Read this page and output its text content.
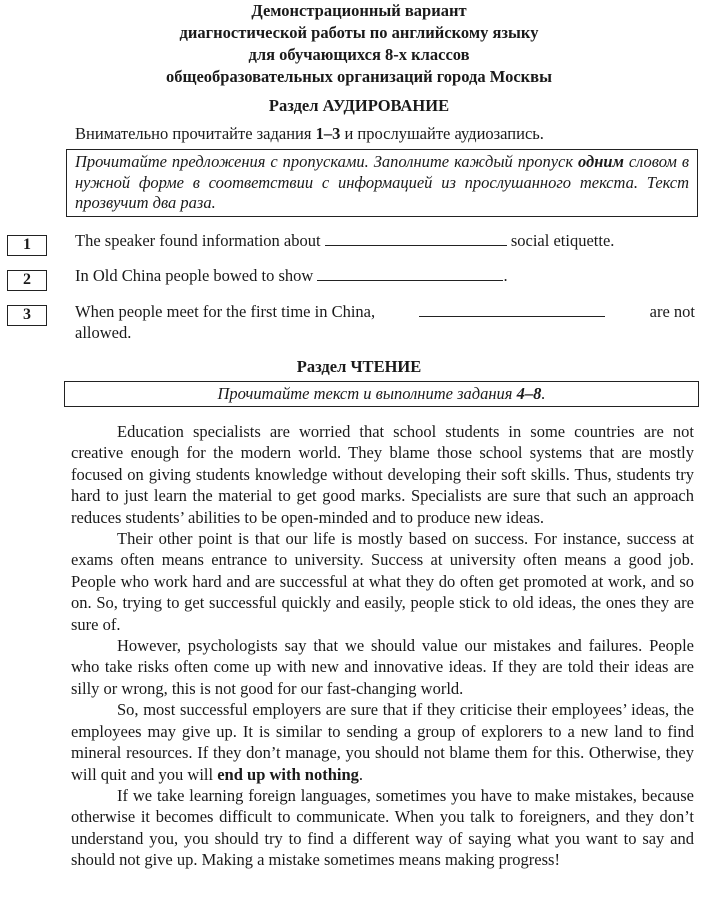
Демонстрационный вариант
диагностической работы по английскому языку
для обучающихся 8-х классов
общеобразовательных организаций города Москвы
Раздел АУДИРОВАНИЕ
Внимательно прочитайте задания 1–3 и прослушайте аудиозапись.
Прочитайте предложения с пропусками. Заполните каждый пропуск одним словом в нужной форме в соответствии с информацией из прослушанного текста. Текст прозвучит два раза.
1	The speaker found information about	social etiquette.
2	In Old China people bowed to show	.
3	When people meet for the first time in China,	are not
allowed.
Раздел ЧТЕНИЕ
Прочитайте текст и выполните задания 4–8.

Education specialists are worried that school students in some countries are not creative enough for the modern world. They blame those school systems that are mostly focused on giving students knowledge without developing their soft skills. Thus, students try hard to just learn the material to get good marks. Specialists are sure that such an approach reduces students’ abilities to be open-minded and to produce new ideas.

Their other point is that our life is mostly based on success. For instance, success at exams often means entrance to university. Success at university often means a good job. People who work hard and are successful at what they do often get promoted at work, and so on. So, trying to get successful quickly and easily, people stick to old ideas, the ones they are sure of.

However, psychologists say that we should value our mistakes and failures. People who take risks often come up with new and innovative ideas. If they are told their ideas are silly or wrong, this is not good for our fast-changing world.

So, most successful employers are sure that if they criticise their employees’ ideas, the employees may give up. It is similar to sending a group of explorers to a new land to find mineral resources. If they don’t manage, you should not blame them for this. Otherwise, they will quit and you will end up with nothing.

If we take learning foreign languages, sometimes you have to make mistakes, because otherwise it becomes difficult to communicate. When you talk to foreigners, and they don’t understand you, you should try to find a different way of saying what you want to say and should not give up. Making a mistake sometimes means making progress!
